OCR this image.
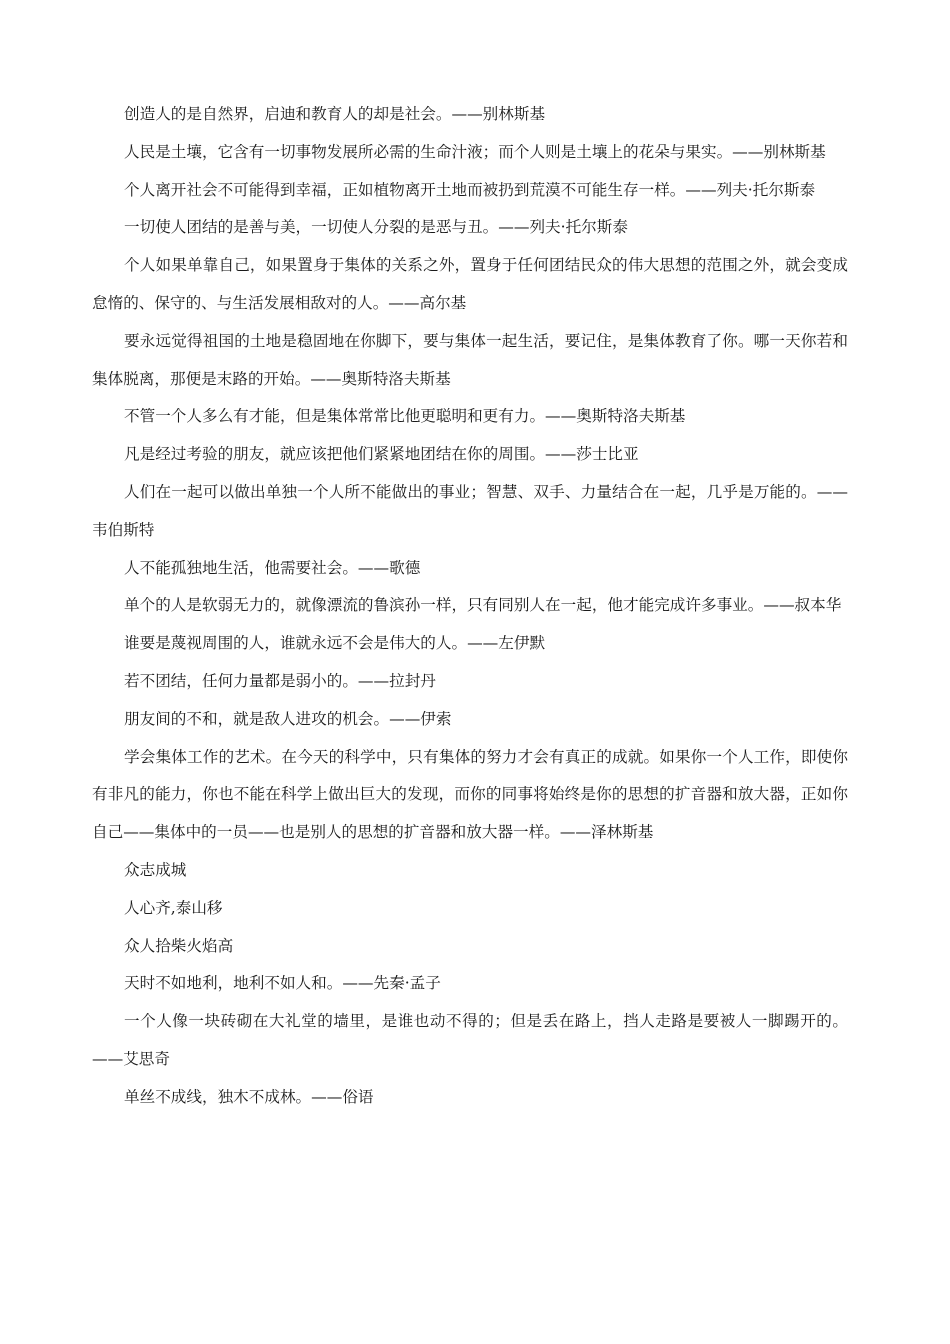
创造人的是自然界，启迪和教育人的却是社会。——别林斯基

人民是土壤，它含有一切事物发展所必需的生命汁液；而个人则是土壤上的花朵与果实。——别林斯基

个人离开社会不可能得到幸福，正如植物离开土地而被扔到荒漠不可能生存一样。——列夫·托尔斯泰

一切使人团结的是善与美，一切使人分裂的是恶与丑。——列夫·托尔斯泰

个人如果单靠自己，如果置身于集体的关系之外，置身于任何团结民众的伟大思想的范围之外，就会变成怠惰的、保守的、与生活发展相敌对的人。——高尔基

要永远觉得祖国的土地是稳固地在你脚下，要与集体一起生活，要记住，是集体教育了你。哪一天你若和集体脱离，那便是末路的开始。——奥斯特洛夫斯基

不管一个人多么有才能，但是集体常常比他更聪明和更有力。——奥斯特洛夫斯基

凡是经过考验的朋友，就应该把他们紧紧地团结在你的周围。——莎士比亚

人们在一起可以做出单独一个人所不能做出的事业；智慧、双手、力量结合在一起，几乎是万能的。——韦伯斯特

人不能孤独地生活，他需要社会。——歌德

单个的人是软弱无力的，就像漂流的鲁滨孙一样，只有同别人在一起，他才能完成许多事业。——叔本华

谁要是蔑视周围的人，谁就永远不会是伟大的人。——左伊默

若不团结，任何力量都是弱小的。——拉封丹

朋友间的不和，就是敌人进攻的机会。——伊索

学会集体工作的艺术。在今天的科学中，只有集体的努力才会有真正的成就。如果你一个人工作，即使你有非凡的能力，你也不能在科学上做出巨大的发现，而你的同事将始终是你的思想的扩音器和放大器，正如你自己——集体中的一员——也是别人的思想的扩音器和放大器一样。——泽林斯基

众志成城

人心齐,泰山移

众人拾柴火焰高

天时不如地利，地利不如人和。——先秦·孟子

一个人像一块砖砌在大礼堂的墙里，是谁也动不得的；但是丢在路上，挡人走路是要被人一脚踢开的。——艾思奇

单丝不成线，独木不成林。——俗语
